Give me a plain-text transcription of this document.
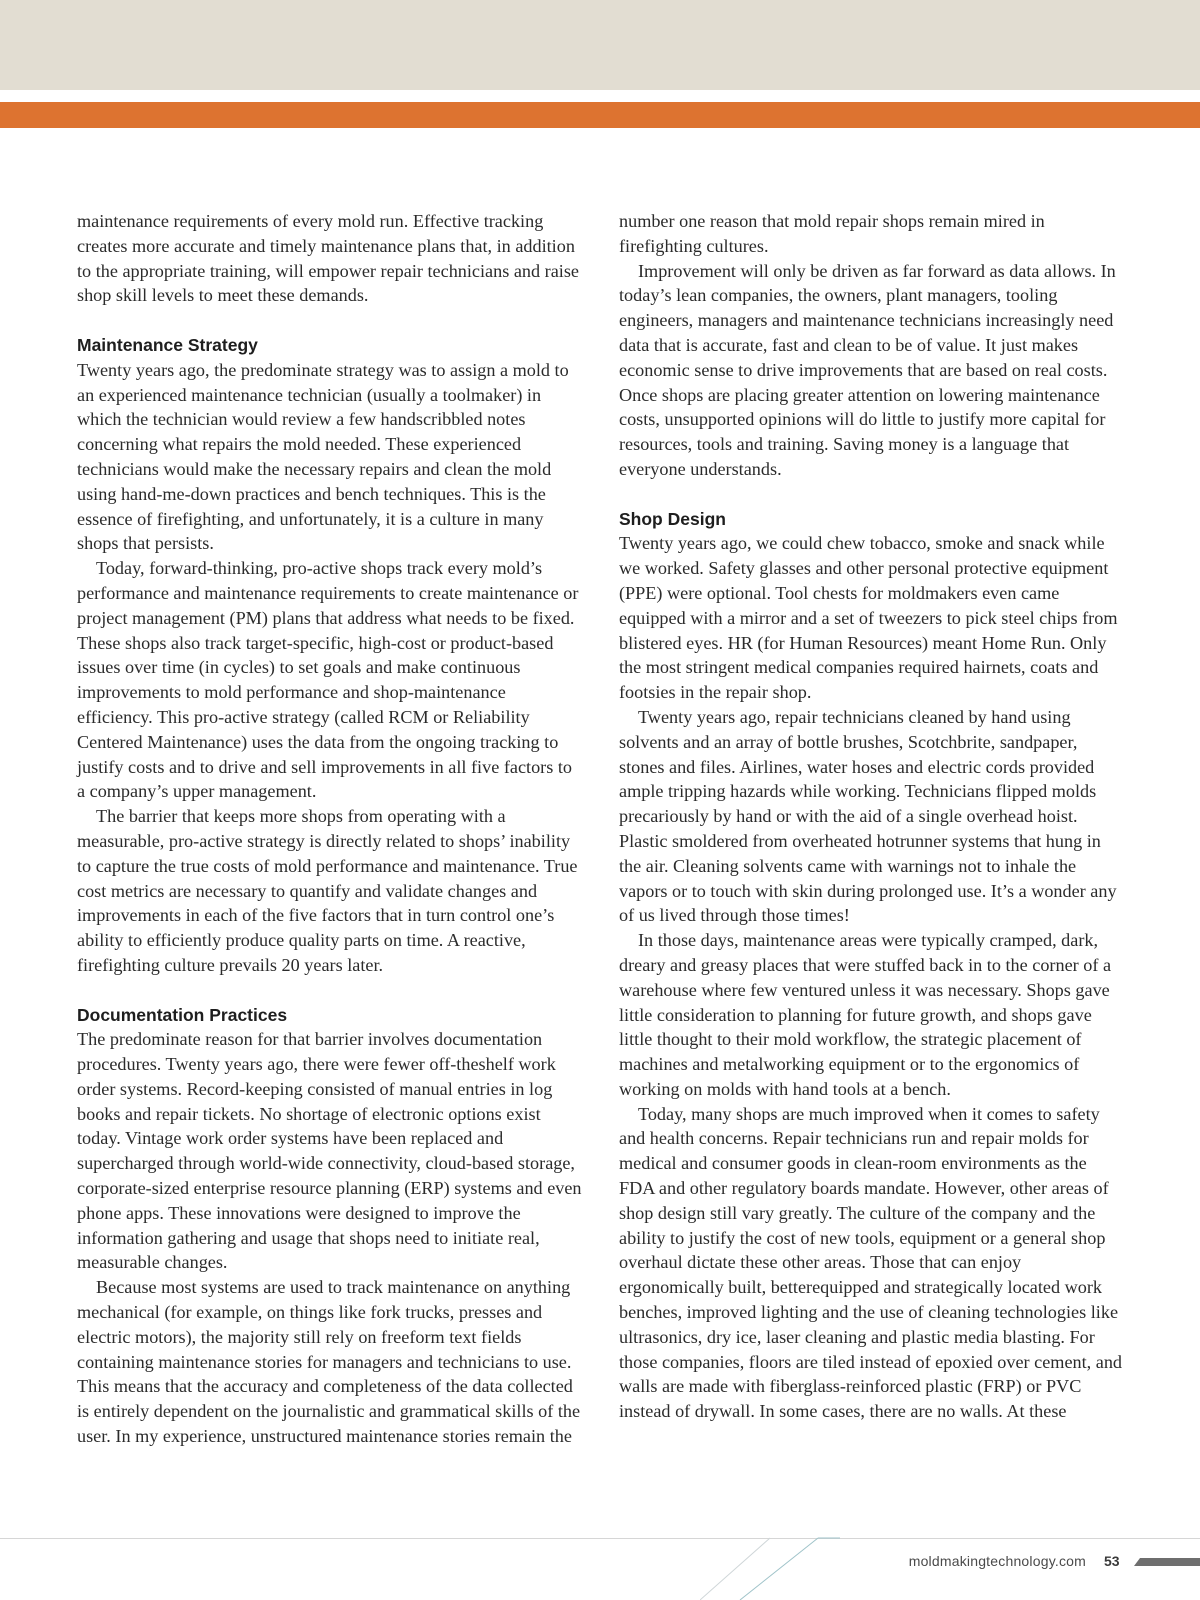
maintenance requirements of every mold run. Effective tracking creates more accurate and timely maintenance plans that, in addition to the appropriate training, will empower repair technicians and raise shop skill levels to meet these demands.

Maintenance Strategy

Twenty years ago, the predominate strategy was to assign a mold to an experienced maintenance technician (usually a toolmaker) in which the technician would review a few handscribbled notes concerning what repairs the mold needed. These experienced technicians would make the necessary repairs and clean the mold using hand-me-down practices and bench techniques. This is the essence of firefighting, and unfortunately, it is a culture in many shops that persists.

Today, forward-thinking, pro-active shops track every mold’s performance and maintenance requirements to create maintenance or project management (PM) plans that address what needs to be fixed. These shops also track target-specific, high-cost or product-based issues over time (in cycles) to set goals and make continuous improvements to mold performance and shop-maintenance efficiency. This pro-active strategy (called RCM or Reliability Centered Maintenance) uses the data from the ongoing tracking to justify costs and to drive and sell improvements in all five factors to a company’s upper management.

The barrier that keeps more shops from operating with a measurable, pro-active strategy is directly related to shops’ inability to capture the true costs of mold performance and maintenance. True cost metrics are necessary to quantify and validate changes and improvements in each of the five factors that in turn control one’s ability to efficiently produce quality parts on time. A reactive, firefighting culture prevails 20 years later.

Documentation Practices

The predominate reason for that barrier involves documentation procedures. Twenty years ago, there were fewer off-theshelf work order systems. Record-keeping consisted of manual entries in log books and repair tickets. No shortage of electronic options exist today. Vintage work order systems have been replaced and supercharged through world-wide connectivity, cloud-based storage, corporate-sized enterprise resource planning (ERP) systems and even phone apps. These innovations were designed to improve the information gathering and usage that shops need to initiate real, measurable changes.

Because most systems are used to track maintenance on anything mechanical (for example, on things like fork trucks, presses and electric motors), the majority still rely on freeform text fields containing maintenance stories for managers and technicians to use. This means that the accuracy and completeness of the data collected is entirely dependent on the journalistic and grammatical skills of the user. In my experience, unstructured maintenance stories remain the

number one reason that mold repair shops remain mired in firefighting cultures.

Improvement will only be driven as far forward as data allows. In today’s lean companies, the owners, plant managers, tooling engineers, managers and maintenance technicians increasingly need data that is accurate, fast and clean to be of value. It just makes economic sense to drive improvements that are based on real costs. Once shops are placing greater attention on lowering maintenance costs, unsupported opinions will do little to justify more capital for resources, tools and training. Saving money is a language that everyone understands.

Shop Design

Twenty years ago, we could chew tobacco, smoke and snack while we worked. Safety glasses and other personal protective equipment (PPE) were optional. Tool chests for moldmakers even came equipped with a mirror and a set of tweezers to pick steel chips from blistered eyes. HR (for Human Resources) meant Home Run. Only the most stringent medical companies required hairnets, coats and footsies in the repair shop.

Twenty years ago, repair technicians cleaned by hand using solvents and an array of bottle brushes, Scotchbrite, sandpaper, stones and files. Airlines, water hoses and electric cords provided ample tripping hazards while working. Technicians flipped molds precariously by hand or with the aid of a single overhead hoist. Plastic smoldered from overheated hotrunner systems that hung in the air. Cleaning solvents came with warnings not to inhale the vapors or to touch with skin during prolonged use. It’s a wonder any of us lived through those times!

In those days, maintenance areas were typically cramped, dark, dreary and greasy places that were stuffed back in to the corner of a warehouse where few ventured unless it was necessary. Shops gave little consideration to planning for future growth, and shops gave little thought to their mold workflow, the strategic placement of machines and metalworking equipment or to the ergonomics of working on molds with hand tools at a bench.

Today, many shops are much improved when it comes to safety and health concerns. Repair technicians run and repair molds for medical and consumer goods in clean-room environments as the FDA and other regulatory boards mandate. However, other areas of shop design still vary greatly. The culture of the company and the ability to justify the cost of new tools, equipment or a general shop overhaul dictate these other areas. Those that can enjoy ergonomically built, betterequipped and strategically located work benches, improved lighting and the use of cleaning technologies like ultrasonics, dry ice, laser cleaning and plastic media blasting. For those companies, floors are tiled instead of epoxied over cement, and walls are made with fiberglass-reinforced plastic (FRP) or PVC instead of drywall. In some cases, there are no walls. At these

moldmakingtechnology.com 53
